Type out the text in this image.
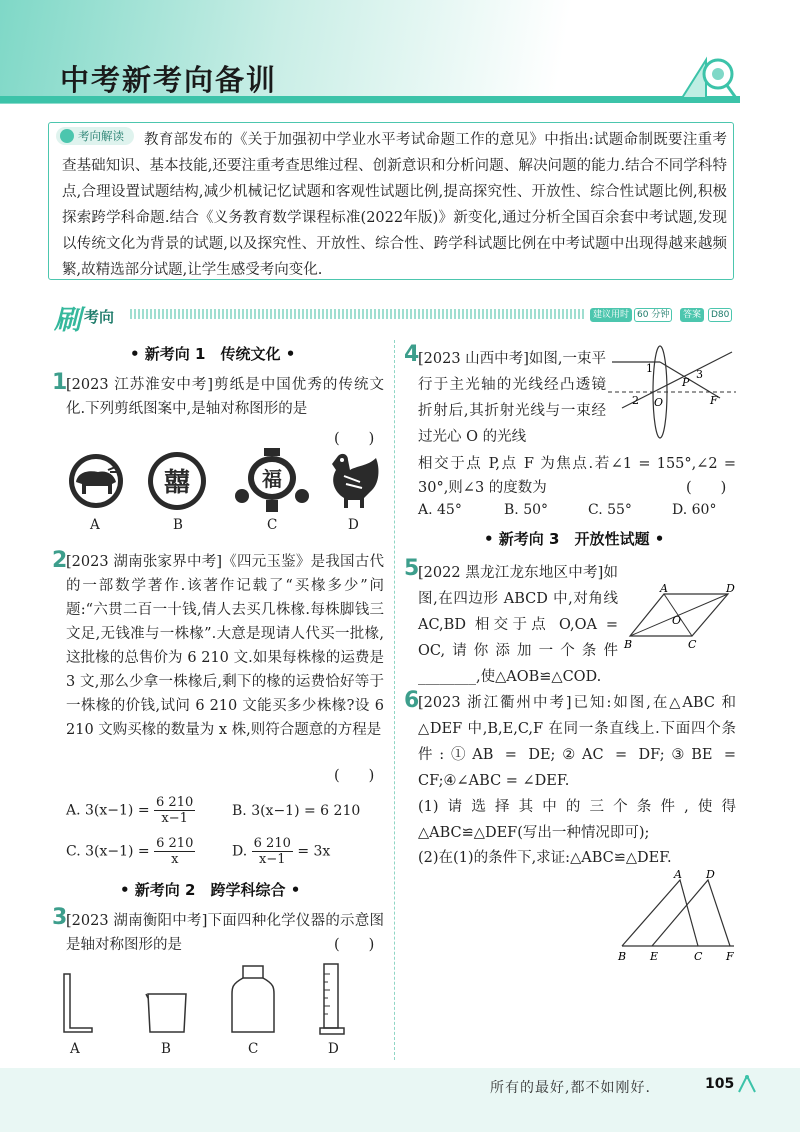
中考新考向备训
考向解读	教育部发布的《关于加强初中学业水平考试命题工作的意见》中指出:试题命制既要注重考查基础知识、基本技能,还要注重考查思维过程、创新意识和分析问题、解决问题的能力.结合不同学科特点,合理设置试题结构,减少机械记忆试题和客观性试题比例,提高探究性、开放性、综合性试题比例,积极探索跨学科命题.结合《义务教育数学课程标准(2022年版)》新变化,通过分析全国百余套中考试题,发现以传统文化为背景的试题,以及探究性、开放性、综合性、跨学科试题比例在中考试题中出现得越来越频繁,故精选部分试题,让学生感受考向变化.
刷 考向	建议用时 60 分钟	答案	D80
• 新考向 1　传统文化 •
1
[2023 江苏淮安中考]剪纸是中国优秀的传统文化.下列剪纸图案中,是轴对称图形的是
(　　)
囍	福
A	B	C	D
2
[2023 湖南张家界中考]《四元玉鉴》是我国古代的一部数学著作.该著作记载了“买椽多少”问题:“六贯二百一十钱,倩人去买几株椽.每株脚钱三文足,无钱准与一株椽”.大意是现请人代买一批椽,这批椽的总售价为 6 210 文.如果每株椽的运费是 3 文,那么少拿一株椽后,剩下的椽的运费恰好等于一株椽的价钱,试问 6 210 文能买多少株椽?设 6 210 文购买椽的数量为 x 株,则符合题意的方程是
(　　)
A. $3(x-1) = \frac{6 210}{x-1}$	B. 3(x−1) = 6 210
C. $3(x-1) = \frac{6 210}{x}$	D. $\frac{6 210}{x-1} = 3x$
• 新考向 2　跨学科综合 •
3
[2023 湖南衡阳中考]下面四种化学仪器的示意图是轴对称图形的是	(　　)
A	B	C	D
4
[2023 山西中考]如图,一束平行于主光轴的光线经凸透镜折射后,其折射光线与一束经过光心 O 的光线
1
P
3
2 O	F
相交于点 P,点 F 为焦点.若∠1 = 155°,∠2 = 30°,则∠3 的度数为	(　　)
A. 45°	B. 50°	C. 55°	D. 60°
• 新考向 3　开放性试题 •
5
[2022 黑龙江龙东地区中考]如图,在四边形 ABCD 中,对角线 AC,BD 相交于点 O,OA = OC,请你添加一个条件________,使△AOB≌△COD.
A	D
O
B	C
6
[2023 浙江衢州中考]已知:如图,在△ABC 和△DEF 中,B,E,C,F 在同一条直线上.下面四个条件:①AB = DE;②AC = DF;③BE = CF;④∠ABC = ∠DEF.
(1)请选择其中的三个条件,使得△ABC≌△DEF(写出一种情况即可);
(2)在(1)的条件下,求证:△ABC≌△DEF.
A D
B E	C F
所有的最好,都不如刚好.	105
